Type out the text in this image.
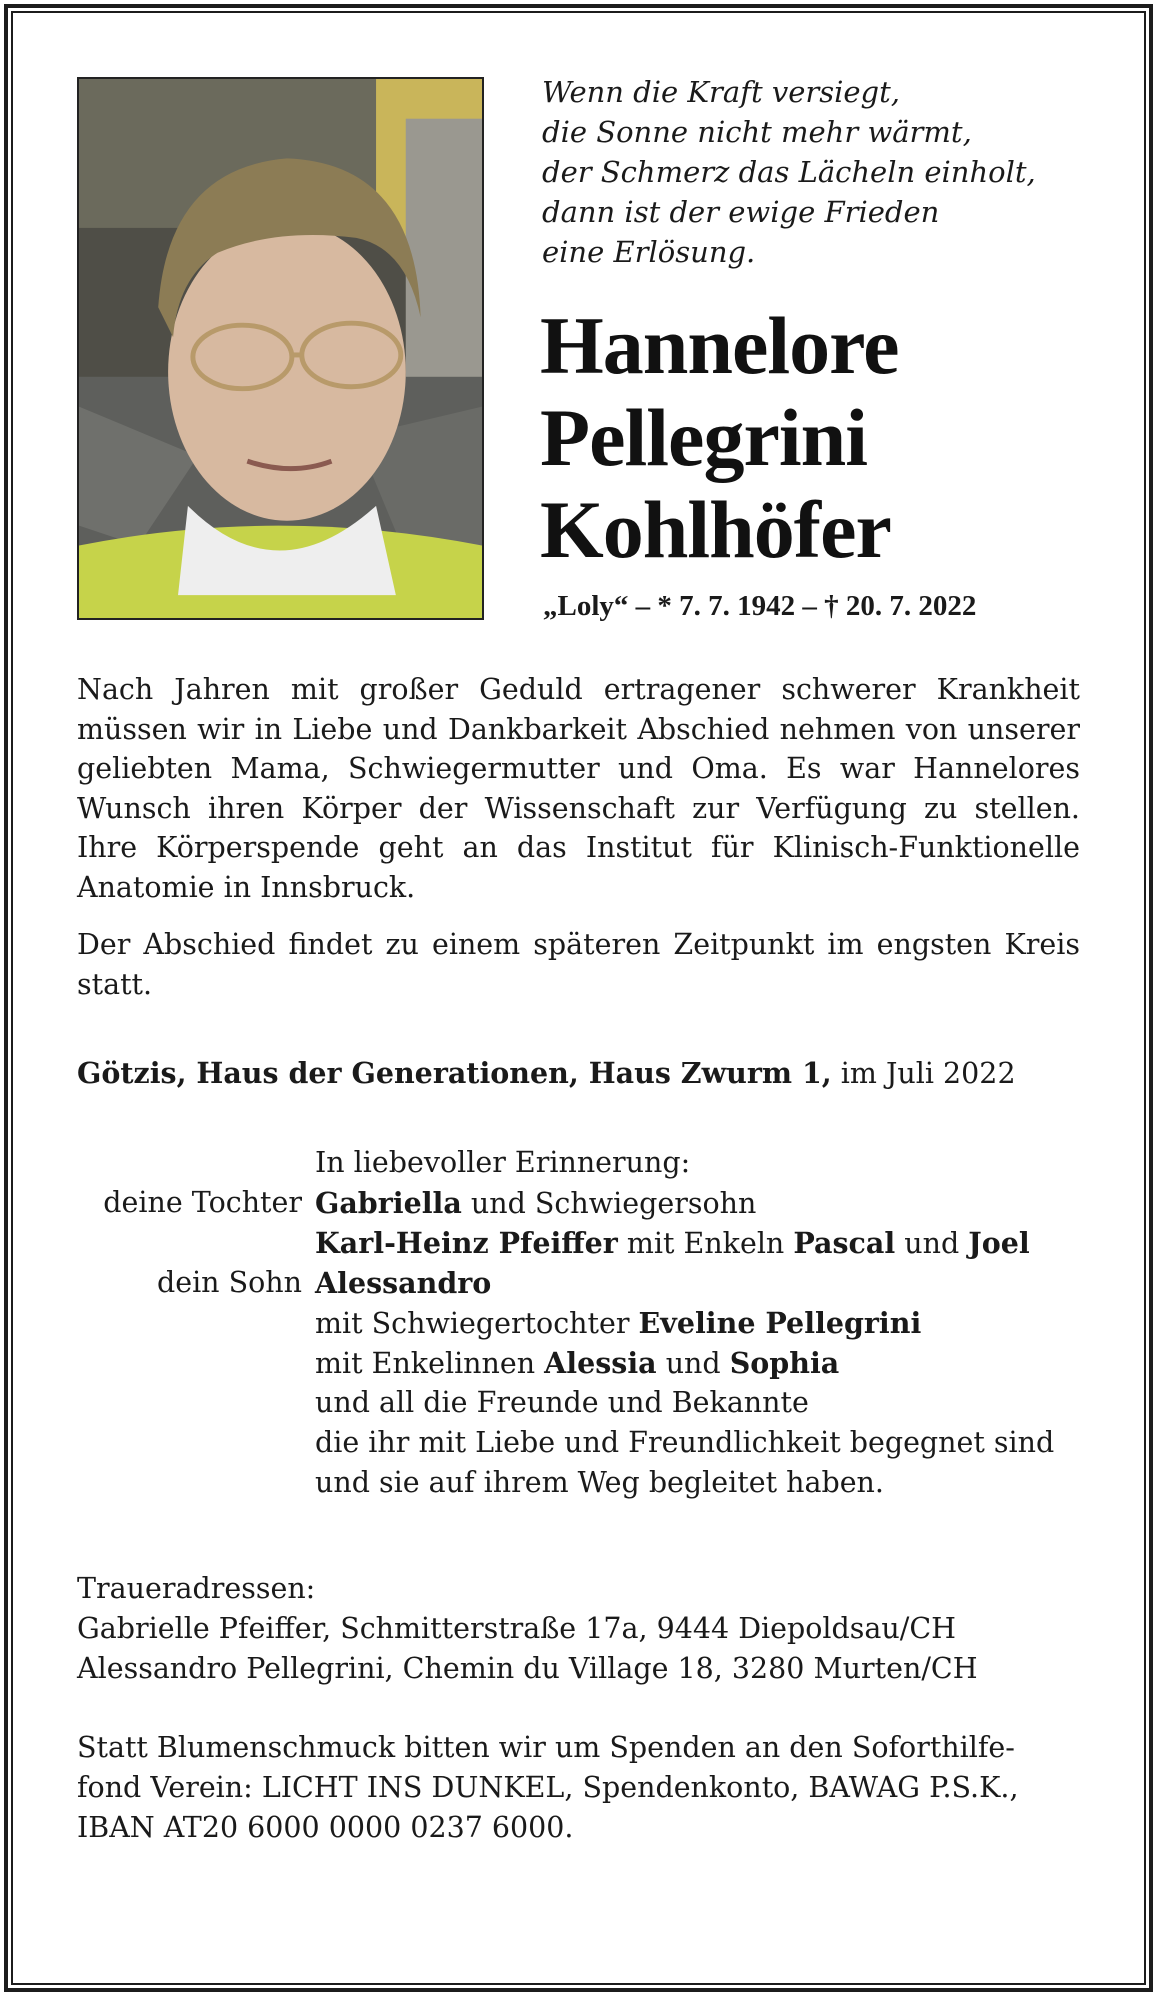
Wenn die Kraft versiegt,
die Sonne nicht mehr wärmt,
der Schmerz das Lächeln einholt,
dann ist der ewige Frieden
eine Erlösung.
Hannelore
Pellegrini
Kohlhöfer
„Loly“ – * 7. 7. 1942 – † 20. 7. 2022
Nach Jahren mit großer Geduld ertragener schwerer Krankheit müssen wir in Liebe und Dankbarkeit Abschied nehmen von unserer geliebten Mama, Schwiegermutter und Oma. Es war Hannelores Wunsch ihren Körper der Wissenschaft zur Verfügung zu stellen. Ihre Körperspende geht an das Institut für Klinisch-Funktionelle Anatomie in Innsbruck.
Der Abschied findet zu einem späteren Zeitpunkt im engsten Kreis statt.
Götzis, Haus der Generationen, Haus Zwurm 1, im Juli 2022
In liebevoller Erinnerung:
deine Tochter Gabriella und Schwiegersohn
Karl-Heinz Pfeiffer mit Enkeln Pascal und Joel
dein Sohn Alessandro
mit Schwiegertochter Eveline Pellegrini
mit Enkelinnen Alessia und Sophia
und all die Freunde und Bekannte
die ihr mit Liebe und Freundlichkeit begegnet sind
und sie auf ihrem Weg begleitet haben.
Traueradressen:
Gabrielle Pfeiffer, Schmitterstraße 17a, 9444 Diepoldsau/CH
Alessandro Pellegrini, Chemin du Village 18, 3280 Murten/CH
Statt Blumenschmuck bitten wir um Spenden an den Soforthilfe-
fond Verein: LICHT INS DUNKEL, Spendenkonto, BAWAG P.S.K.,
IBAN AT20 6000 0000 0237 6000.
